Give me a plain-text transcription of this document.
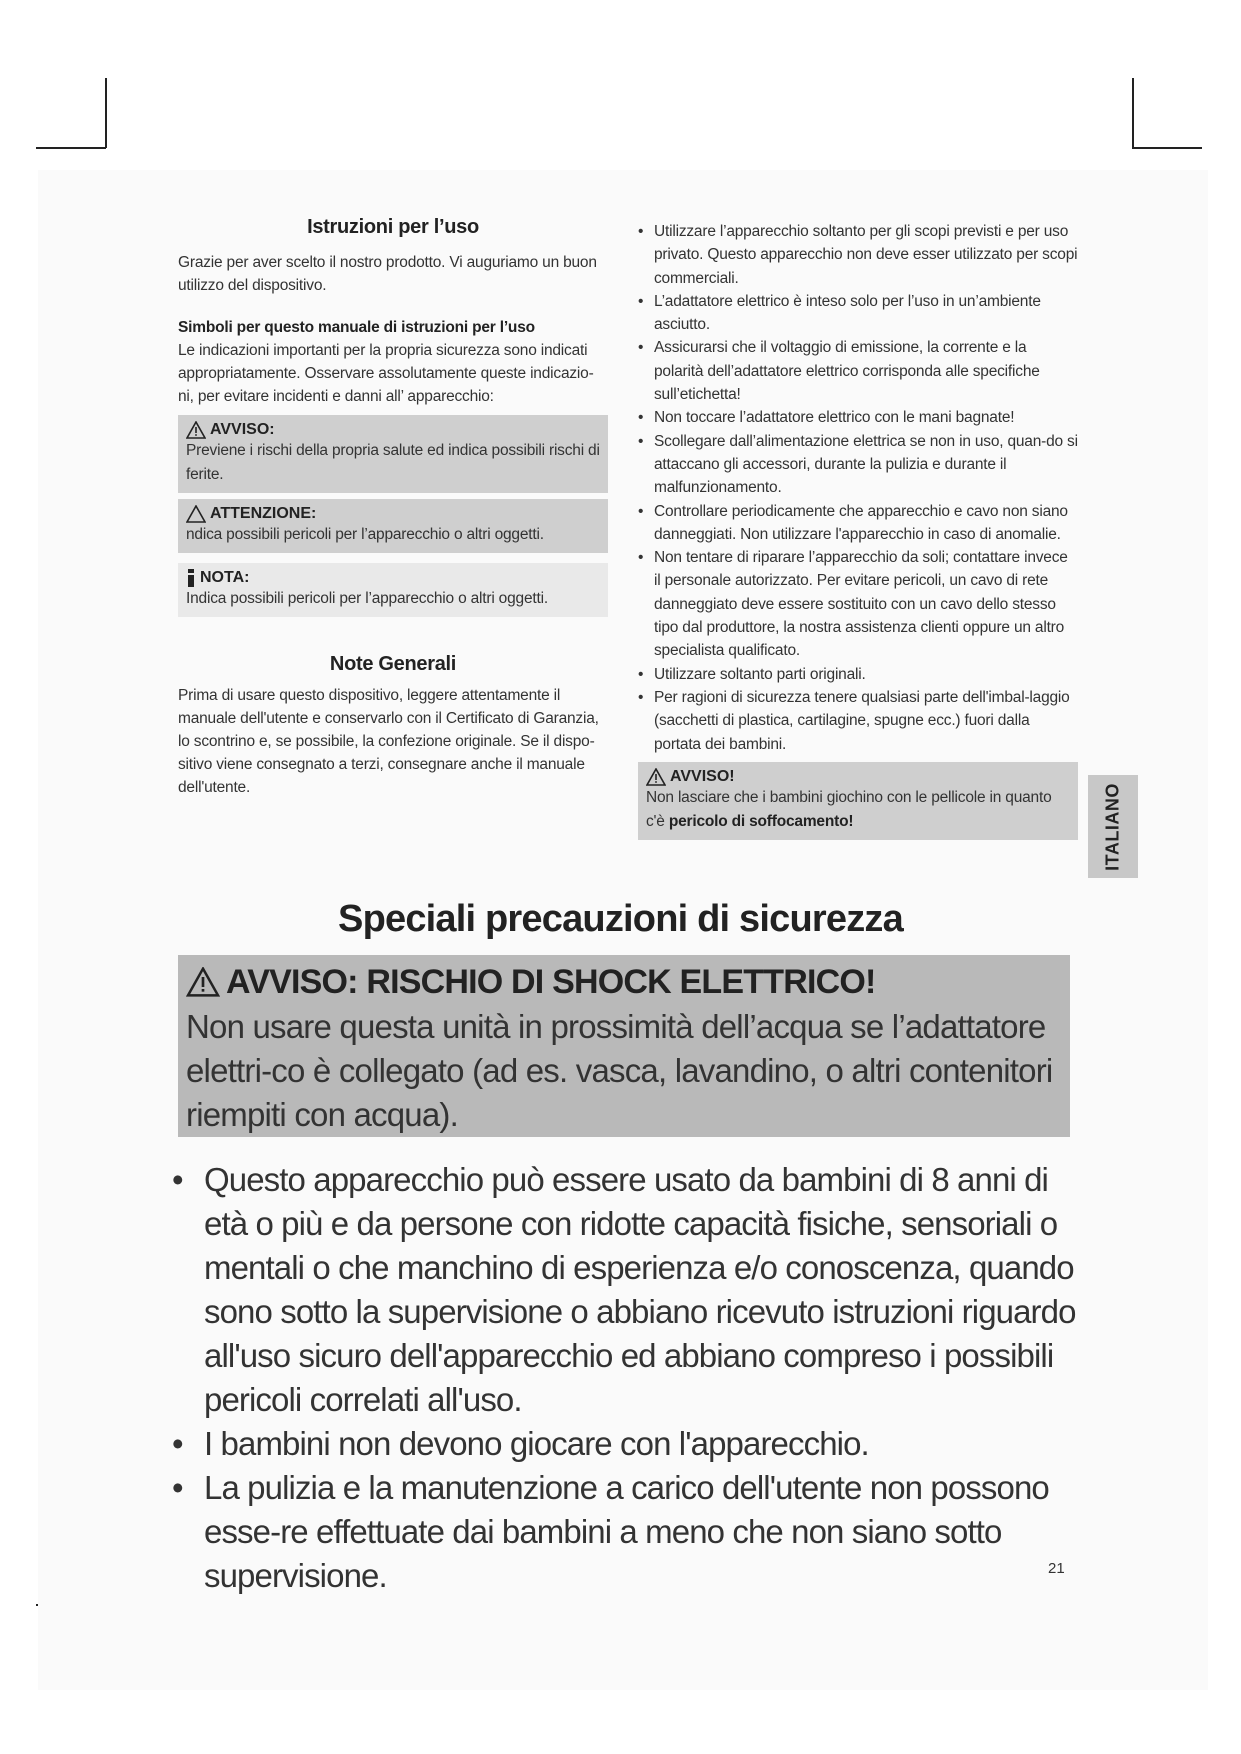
Istruzioni per l’uso

Grazie per aver scelto il nostro prodotto. Vi auguriamo un buon utilizzo del dispositivo.

Simboli per questo manuale di istruzioni per l’uso

Le indicazioni importanti per la propria sicurezza sono indicati appropriatamente. Osservare assolutamente queste indicazio-ni, per evitare incidenti e danni all’ apparecchio:

AVVISO:
Previene i rischi della propria salute ed indica possibili rischi di ferite.
ATTENZIONE:
ndica possibili pericoli per l’apparecchio o altri oggetti.
NOTA:
Indica possibili pericoli per l’apparecchio o altri oggetti.

Note Generali

Prima di usare questo dispositivo, leggere attentamente il manuale dell'utente e conservarlo con il Certificato di Garanzia, lo scontrino e, se possibile, la confezione originale. Se il dispo-sitivo viene consegnato a terzi, consegnare anche il manuale dell'utente.

• Utilizzare l’apparecchio soltanto per gli scopi previsti e per uso privato. Questo apparecchio non deve esser utilizzato per scopi commerciali.
• L’adattatore elettrico è inteso solo per l’uso in un’ambiente asciutto.
• Assicurarsi che il voltaggio di emissione, la corrente e la polarità dell’adattatore elettrico corrisponda alle specifiche sull’etichetta!
• Non toccare l’adattatore elettrico con le mani bagnate!
• Scollegare dall’alimentazione elettrica se non in uso, quan-do si attaccano gli accessori, durante la pulizia e durante il malfunzionamento.
• Controllare periodicamente che apparecchio e cavo non siano danneggiati. Non utilizzare l'apparecchio in caso di anomalie.
• Non tentare di riparare l’apparecchio da soli; contattare invece il personale autorizzato. Per evitare pericoli, un cavo di rete danneggiato deve essere sostituito con un cavo dello stesso tipo dal produttore, la nostra assistenza clienti oppure un altro specialista qualificato.
• Utilizzare soltanto parti originali.
• Per ragioni di sicurezza tenere qualsiasi parte dell'imbal-laggio (sacchetti di plastica, cartilagine, spugne ecc.) fuori dalla portata dei bambini.
AVVISO!
Non lasciare che i bambini giochino con le pellicole in quanto c'è pericolo di soffocamento!	ITALIANO
Speciali precauzioni di sicurezza
AVVISO: RISCHIO DI SHOCK ELETTRICO!
Non usare questa unità in prossimità dell’acqua se l’adattatore elettri-co è collegato (ad es. vasca, lavandino, o altri contenitori riempiti con acqua).
• Questo apparecchio può essere usato da bambini di 8 anni di età o più e da persone con ridotte capacità fisiche, sensoriali o mentali o che manchino di esperienza e/o conoscenza, quando sono sotto la supervisione o abbiano ricevuto istruzioni riguardo all'uso sicuro dell'apparecchio ed abbiano compreso i possibili pericoli correlati all'uso.
• I bambini non devono giocare con l'apparecchio.
• La pulizia e la manutenzione a carico dell'utente non possono esse-re effettuate dai bambini a meno che non siano sotto supervisione.	21
